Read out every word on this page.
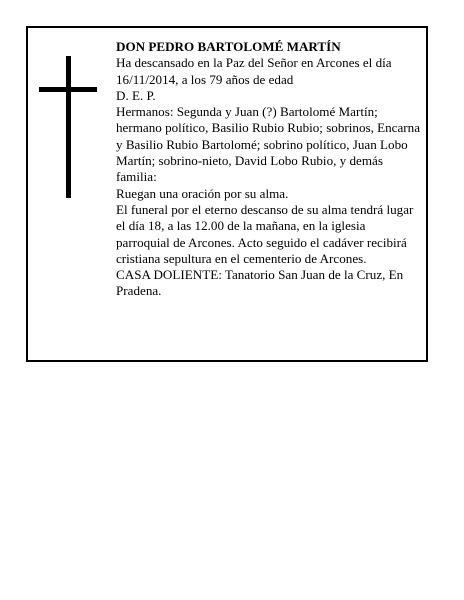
DON PEDRO BARTOLOMÉ MARTÍN

Ha descansado en la Paz del Señor en Arcones el día 16/11/2014, a los 79 años de edad

D. E. P.

Hermanos: Segunda y Juan (?) Bartolomé Martín; hermano político, Basilio Rubio Rubio; sobrinos, Encarna y Basilio Rubio Bartolomé; sobrino político, Juan Lobo Martín; sobrino-nieto, David Lobo Rubio, y demás familia:

Ruegan una oración por su alma.

El funeral por el eterno descanso de su alma tendrá lugar el día 18, a las 12.00 de la mañana, en la iglesia parroquial de Arcones. Acto seguido el cadáver recibirá cristiana sepultura en el cementerio de Arcones.

CASA DOLIENTE: Tanatorio San Juan de la Cruz, En Pradena.
